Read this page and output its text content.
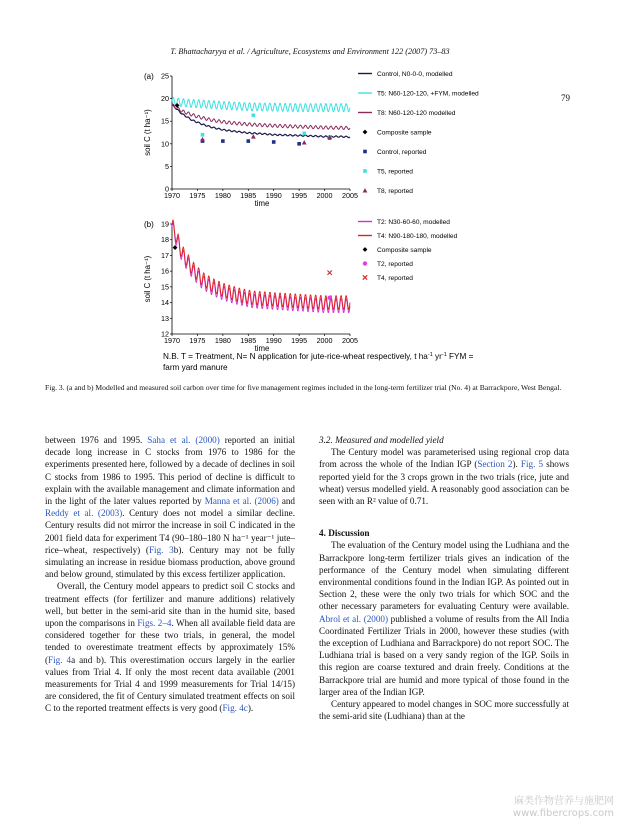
T. Bhattacharyya et al. / Agriculture, Ecosystems and Environment 122 (2007) 73–83
79
0
5
10
15
20
25
1970 1975 1980 1985 1990 1995 2000 2005
time
soil C (t ha⁻¹)
(a)	Control, N0-0-0, modelled
T5: N60-120-120, +FYM, modelled
T8: N60-120-120 modelled
Composite sample
Control, reported
T5, reported
T8, reported
12
13
14
15
16
17
18
19
1970 1975 1980 1985 1990 1995 2000 2005
time
soil C (t ha⁻¹)
(b)	T2: N30-60-60, modelled
T4: N90-180-180, modelled
Composite sample
T2, reported
T4, reported
N.B. T = Treatment, N= N application for jute-rice-wheat respectively, t $ha^{-1}$ $yr^{-1}$ FYM =
farm yard manure
Fig. 3. (a and b) Modelled and measured soil carbon over time for five management regimes included in the long-term fertilizer trial (No. 4) at Barrackpore, West Bengal.

between 1976 and 1995. Saha et al. (2000) reported an initial decade long increase in C stocks from 1976 to 1986 for the experiments presented here, followed by a decade of declines in soil C stocks from 1986 to 1995. This period of decline is difficult to explain with the available management and climate information and in the light of the later values reported by Manna et al. (2006) and Reddy et al. (2003). Century does not model a similar decline. Century results did not mirror the increase in soil C indicated in the 2001 field data for experiment T4 (90–180–180 N ha⁻¹ year⁻¹ jute–rice–wheat, respectively) (Fig. 3b). Century may not be fully simulating an increase in residue biomass production, above ground and below ground, stimulated by this excess fertilizer application.

Overall, the Century model appears to predict soil C stocks and treatment effects (for fertilizer and manure additions) relatively well, but better in the semi-arid site than in the humid site, based upon the comparisons in Figs. 2–4. When all available field data are considered together for these two trials, in general, the model tended to overestimate treatment effects by approximately 15% (Fig. 4a and b). This overestimation occurs largely in the earlier values from Trial 4. If only the most recent data available (2001 measurements for Trial 4 and 1999 measurements for Trial 14/15) are considered, the fit of Century simulated treatment effects on soil C to the reported treatment effects is very good (Fig. 4c).

3.2. Measured and modelled yield

The Century model was parameterised using regional crop data from across the whole of the Indian IGP (Section 2). Fig. 5 shows reported yield for the 3 crops grown in the two trials (rice, jute and wheat) versus modelled yield. A reasonably good association can be seen with an R² value of 0.71.

4. Discussion

The evaluation of the Century model using the Ludhiana and the Barrackpore long-term fertilizer trials gives an indication of the performance of the Century model when simulating different environmental conditions found in the Indian IGP. As pointed out in Section 2, these were the only two trials for which SOC and the other necessary parameters for evaluating Century were available. Abrol et al. (2000) published a volume of results from the All India Coordinated Fertilizer Trials in 2000, however these studies (with the exception of Ludhiana and Barrackpore) do not report SOC. The Ludhiana trial is based on a very sandy region of the IGP. Soils in this region are coarse textured and drain freely. Conditions at the Barrackpore trial are humid and more typical of those found in the larger area of the Indian IGP.

Century appeared to model changes in SOC more successfully at the semi-arid site (Ludhiana) than at the

麻类作物营养与施肥网
www.fibercrops.com
